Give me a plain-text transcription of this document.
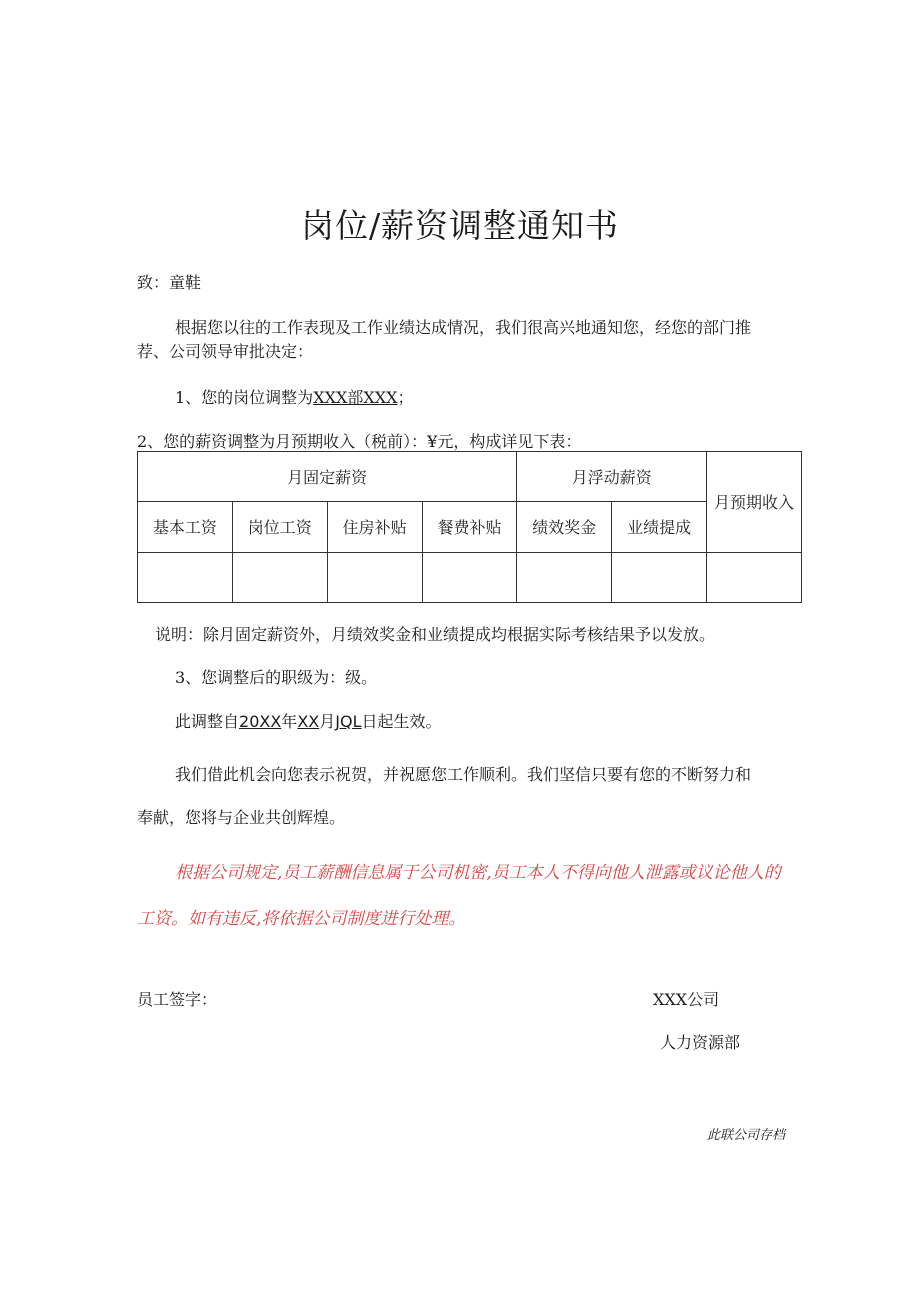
岗位/薪资调整通知书
致：童鞋
根据您以往的工作表现及工作业绩达成情况，我们很高兴地通知您，经您的部门推
荐、公司领导审批决定：
1、您的岗位调整为XXX部XXX；
2、您的薪资调整为月预期收入（税前）：¥元，构成详见下表：
月固定薪资				月浮动薪资		月预期收入
基本工资	岗位工资	住房补贴	餐费补贴	绩效奖金	业绩提成	

说明：除月固定薪资外，月绩效奖金和业绩提成均根据实际考核结果予以发放。
3、您调整后的职级为：级。
此调整自20XX年XX月JQL日起生效。
我们借此机会向您表示祝贺，并祝愿您工作顺利。我们坚信只要有您的不断努力和
奉献，您将与企业共创辉煌。
根据公司规定,员工薪酬信息属于公司机密,员工本人不得向他人泄露或议论他人的
工资。如有违反,将依据公司制度进行处理。
员工签字：	XXX公司
人力资源部
此联公司存档
